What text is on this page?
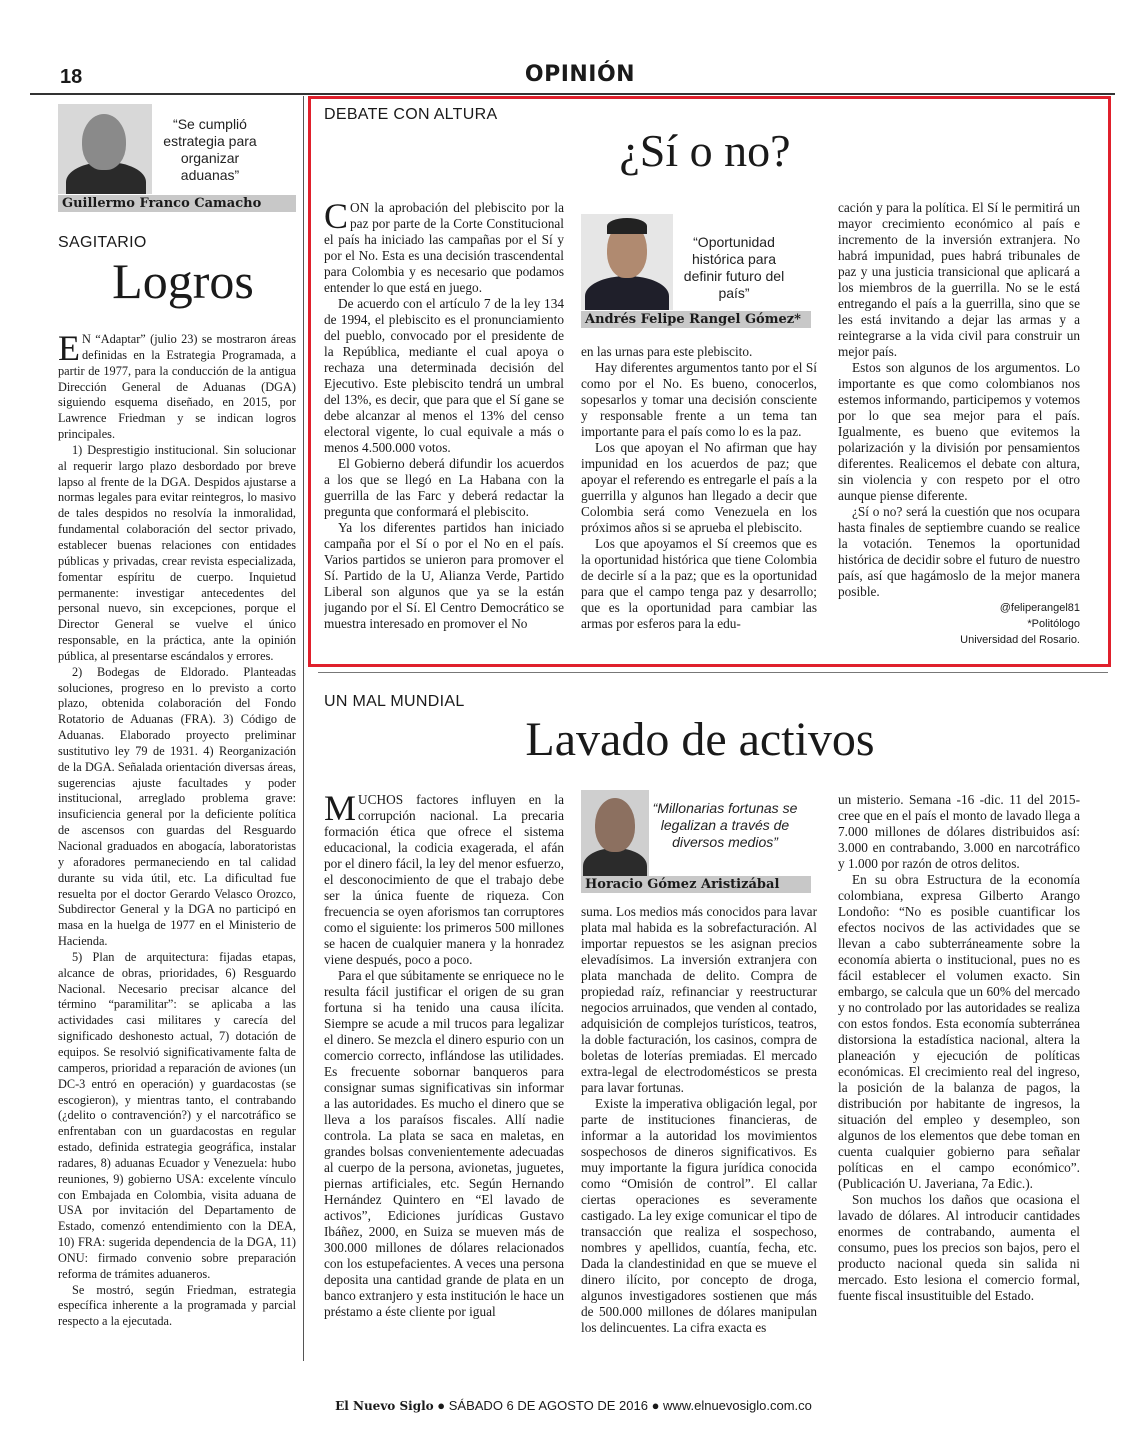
18	OPINIÓN
“Se cumplió estrategia para organizar aduanas”
Guillermo Franco Camacho
SAGITARIO
Logros
E N “Adaptar” (julio 23) se mostraron áreas definidas en la Estrategia Programada, a partir de 1977, para la conducción de la antigua Dirección General de Aduanas (DGA) siguiendo esquema diseñado, en 2015, por Lawrence Friedman y se indican logros principales.

1) Desprestigio institucional. Sin solucionar al requerir largo plazo desbordado por breve lapso al frente de la DGA. Despidos ajustarse a normas legales para evitar reintegros, lo masivo de tales despidos no resolvía la inmoralidad, fundamental colaboración del sector privado, establecer buenas relaciones con entidades públicas y privadas, crear revista especializada, fomentar espíritu de cuerpo. Inquietud permanente: investigar antecedentes del personal nuevo, sin excepciones, porque el Director General se vuelve el único responsable, en la práctica, ante la opinión pública, al presentarse escándalos y errores.

2) Bodegas de Eldorado. Planteadas soluciones, progreso en lo previsto a corto plazo, obtenida colaboración del Fondo Rotatorio de Aduanas (FRA). 3) Código de Aduanas. Elaborado proyecto preliminar sustitutivo ley 79 de 1931. 4) Reorganización de la DGA. Señalada orientación diversas áreas, sugerencias ajuste facultades y poder institucional, arreglado problema grave: insuficiencia general por la deficiente política de ascensos con guardas del Resguardo Nacional graduados en abogacía, laboratoristas y aforadores permaneciendo en tal calidad durante su vida útil, etc. La dificultad fue resuelta por el doctor Gerardo Velasco Orozco, Subdirector General y la DGA no participó en masa en la huelga de 1977 en el Ministerio de Hacienda.

5) Plan de arquitectura: fijadas etapas, alcance de obras, prioridades, 6) Resguardo Nacional. Necesario precisar alcance del término “paramilitar”: se aplicaba a las actividades casi militares y carecía del significado deshonesto actual, 7) dotación de equipos. Se resolvió significativamente falta de camperos, prioridad a reparación de aviones (un DC-3 entró en operación) y guardacostas (se escogieron), y mientras tanto, el contrabando (¿delito o contravención?) y el narcotráfico se enfrentaban con un guardacostas en regular estado, definida estrategia geográfica, instalar radares, 8) aduanas Ecuador y Venezuela: hubo reuniones, 9) gobierno USA: excelente vínculo con Embajada en Colombia, visita aduana de USA por invitación del Departamento de Estado, comenzó entendimiento con la DEA, 10) FRA: sugerida dependencia de la DGA, 11) ONU: firmado convenio sobre preparación reforma de trámites aduaneros.

Se mostró, según Friedman, estrategia específica inherente a la programada y parcial respecto a la ejecutada.

DEBATE CON ALTURA
¿Sí o no?
C ON la aprobación del plebiscito por la paz por parte de la Corte Constitucional el país ha iniciado las campañas por el Sí y por el No. Esta es una decisión trascendental para Colombia y es necesario que podamos entender lo que está en juego.

De acuerdo con el artículo 7 de la ley 134 de 1994, el plebiscito es el pronunciamiento del pueblo, convocado por el presidente de la República, mediante el cual apoya o rechaza una determinada decisión del Ejecutivo. Este plebiscito tendrá un umbral del 13%, es decir, que para que el Sí gane se debe alcanzar al menos el 13% del censo electoral vigente, lo cual equivale a más o menos 4.500.000 votos.

El Gobierno deberá difundir los acuerdos a los que se llegó en La Habana con la guerrilla de las Farc y deberá redactar la pregunta que conformará el plebiscito.

Ya los diferentes partidos han iniciado campaña por el Sí o por el No en el país. Varios partidos se unieron para promover el Sí. Partido de la U, Alianza Verde, Partido Liberal son algunos que ya se la están jugando por el Sí. El Centro Democrático se muestra interesado en promover el No

“Oportunidad histórica para definir futuro del país”
Andrés Felipe Rangel Gómez*

en las urnas para este plebiscito.

Hay diferentes argumentos tanto por el Sí como por el No. Es bueno, conocerlos, sopesarlos y tomar una decisión consciente y responsable frente a un tema tan importante para el país como lo es la paz.

Los que apoyan el No afirman que hay impunidad en los acuerdos de paz; que apoyar el referendo es entregarle el país a la guerrilla y algunos han llegado a decir que Colombia será como Venezuela en los próximos años si se aprueba el plebiscito.

Los que apoyamos el Sí creemos que es la oportunidad histórica que tiene Colombia de decirle sí a la paz; que es la oportunidad para que el campo tenga paz y desarrollo; que es la oportunidad para cambiar las armas por esferos para la edu-

cación y para la política. El Sí le permitirá un mayor crecimiento económico al país e incremento de la inversión extranjera. No habrá impunidad, pues habrá tribunales de paz y una justicia transicional que aplicará a los miembros de la guerrilla. No se le está entregando el país a la guerrilla, sino que se les está invitando a dejar las armas y a reintegrarse a la vida civil para construir un mejor país.

Estos son algunos de los argumentos. Lo importante es que como colombianos nos estemos informando, participemos y votemos por lo que sea mejor para el país. Igualmente, es bueno que evitemos la polarización y la división por pensamientos diferentes. Realicemos el debate con altura, sin violencia y con respeto por el otro aunque piense diferente.

¿Sí o no? será la cuestión que nos ocupara hasta finales de septiembre cuando se realice la votación. Tenemos la oportunidad histórica de decidir sobre el futuro de nuestro país, así que hagámoslo de la mejor manera posible.

@feliperangel81
*Politólogo
Universidad del Rosario.
UN MAL MUNDIAL
Lavado de activos
M UCHOS factores influyen en la corrupción nacional. La precaria formación ética que ofrece el sistema educacional, la codicia exagerada, el afán por el dinero fácil, la ley del menor esfuerzo, el desconocimiento de que el trabajo debe ser la única fuente de riqueza. Con frecuencia se oyen aforismos tan corruptores como el siguiente: los primeros 500 millones se hacen de cualquier manera y la honradez viene después, poco a poco.

Para el que súbitamente se enriquece no le resulta fácil justificar el origen de su gran fortuna si ha tenido una causa ilícita. Siempre se acude a mil trucos para legalizar el dinero. Se mezcla el dinero espurio con un comercio correcto, inflándose las utilidades. Es frecuente sobornar banqueros para consignar sumas significativas sin informar a las autoridades. Es mucho el dinero que se lleva a los paraísos fiscales. Allí nadie controla. La plata se saca en maletas, en grandes bolsas convenientemente adecuadas al cuerpo de la persona, avionetas, juguetes, piernas artificiales, etc. Según Hernando Hernández Quintero en “El lavado de activos”, Ediciones jurídicas Gustavo Ibáñez, 2000, en Suiza se mueven más de 300.000 millones de dólares relacionados con los estupefacientes. A veces una persona deposita una cantidad grande de plata en un banco extranjero y esta institución le hace un préstamo a éste cliente por igual

“Millonarias fortunas se legalizan a través de diversos medios”
Horacio Gómez Aristizábal

suma. Los medios más conocidos para lavar plata mal habida es la sobrefacturación. Al importar repuestos se les asignan precios elevadísimos. La inversión extranjera con plata manchada de delito. Compra de propiedad raíz, refinanciar y reestructurar negocios arruinados, que venden al contado, adquisición de complejos turísticos, teatros, la doble facturación, los casinos, compra de boletas de loterías premiadas. El mercado extra-legal de electrodomésticos se presta para lavar fortunas.

Existe la imperativa obligación legal, por parte de instituciones financieras, de informar a la autoridad los movimientos sospechosos de dineros significativos. Es muy importante la figura jurídica conocida como “Omisión de control”. El callar ciertas operaciones es severamente castigado. La ley exige comunicar el tipo de transacción que realiza el sospechoso, nombres y apellidos, cuantía, fecha, etc. Dada la clandestinidad en que se mueve el dinero ilícito, por concepto de droga, algunos investigadores sostienen que más de 500.000 millones de dólares manipulan los delincuentes. La cifra exacta es

un misterio. Semana -16 -dic. 11 del 2015- cree que en el país el monto de lavado llega a 7.000 millones de dólares distribuidos así: 3.000 en contrabando, 3.000 en narcotráfico y 1.000 por razón de otros delitos.

En su obra Estructura de la economía colombiana, expresa Gilberto Arango Londoño: “No es posible cuantificar los efectos nocivos de las actividades que se llevan a cabo subterráneamente sobre la economía abierta o institucional, pues no es fácil establecer el volumen exacto. Sin embargo, se calcula que un 60% del mercado y no controlado por las autoridades se realiza con estos fondos. Esta economía subterránea distorsiona la estadística nacional, altera la planeación y ejecución de políticas económicas. El crecimiento real del ingreso, la posición de la balanza de pagos, la distribución por habitante de ingresos, la situación del empleo y desempleo, son algunos de los elementos que debe toman en cuenta cualquier gobierno para señalar políticas en el campo económico”. (Publicación U. Javeriana, 7a Edic.).

Son muchos los daños que ocasiona el lavado de dólares. Al introducir cantidades enormes de contrabando, aumenta el consumo, pues los precios son bajos, pero el producto nacional queda sin salida ni mercado. Esto lesiona el comercio formal, fuente fiscal insustituible del Estado.

El Nuevo Siglo ● SÁBADO 6 DE AGOSTO DE 2016 ● www.elnuevosiglo.com.co
